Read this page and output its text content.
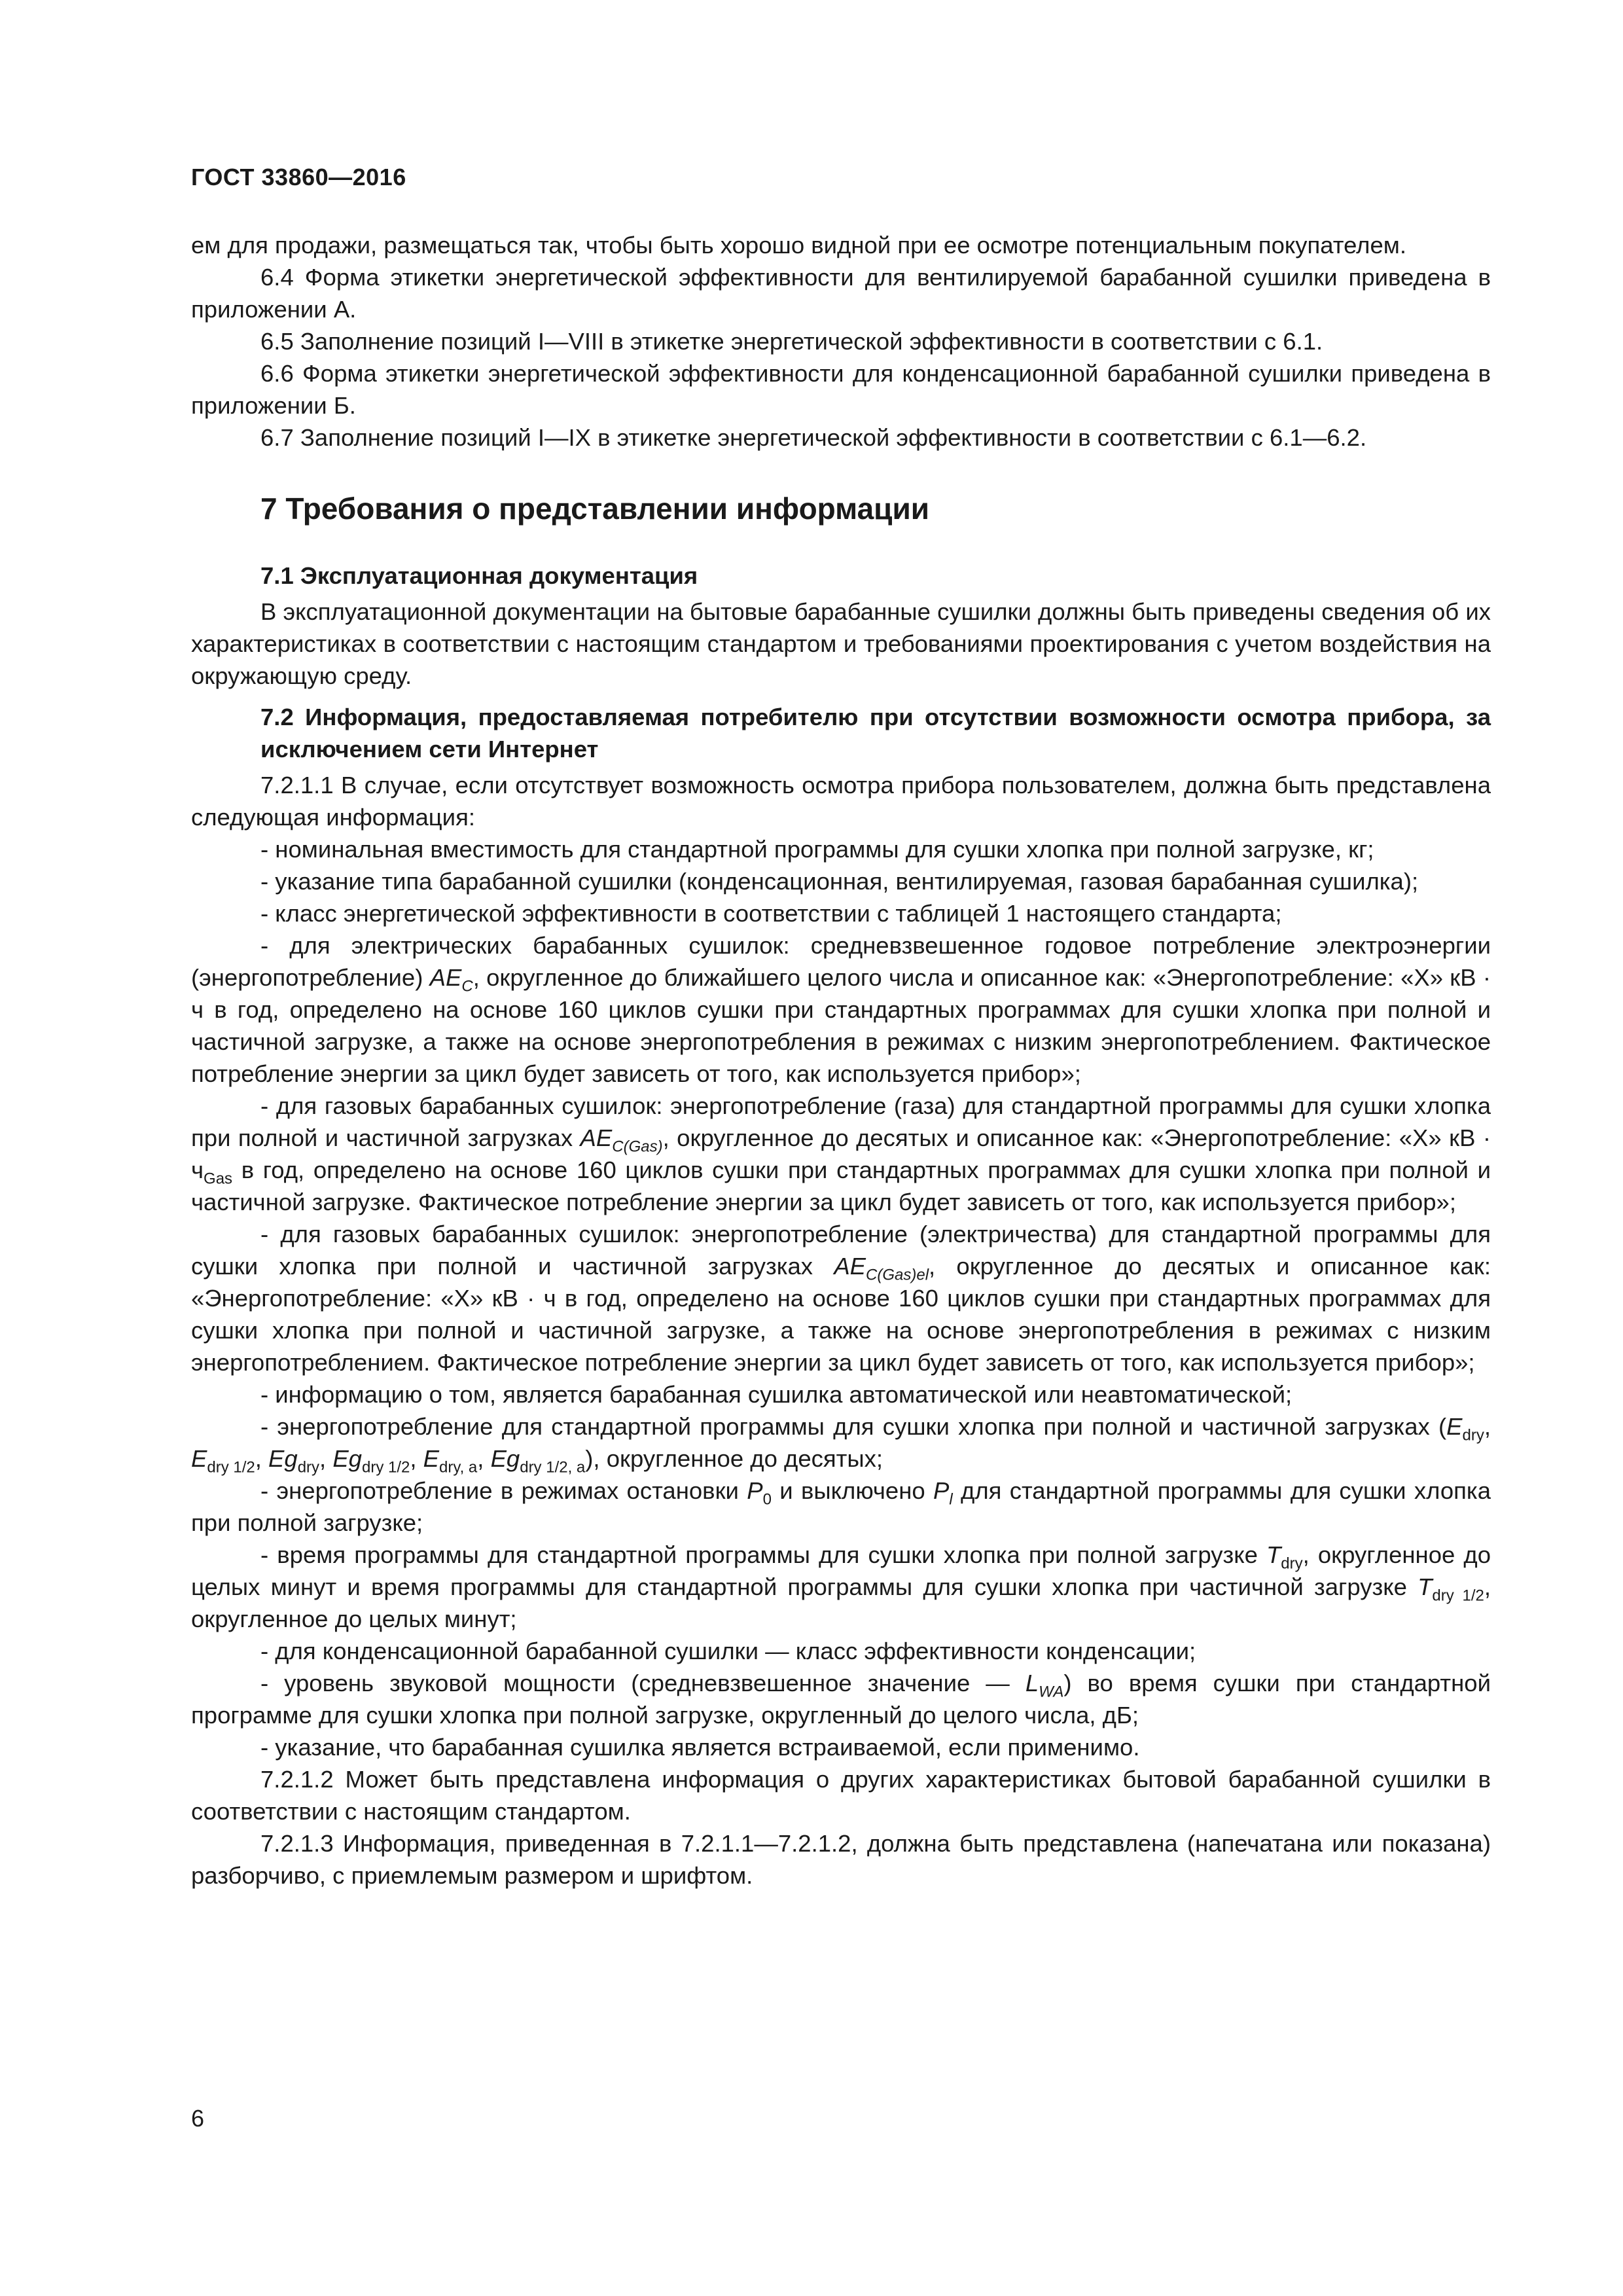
ГОСТ 33860—2016

ем для продажи, размещаться так, чтобы быть хорошо видной при ее осмотре потенциальным покупателем.

6.4 Форма этикетки энергетической эффективности для вентилируемой барабанной сушилки приведена в приложении А.

6.5 Заполнение позиций I—VIII в этикетке энергетической эффективности в соответствии с 6.1.

6.6 Форма этикетки энергетической эффективности для конденсационной барабанной сушилки приведена в приложении Б.

6.7 Заполнение позиций I—IX в этикетке энергетической эффективности в соответствии с 6.1—6.2.

7 Требования о представлении информации
7.1 Эксплуатационная документация

В эксплуатационной документации на бытовые барабанные сушилки должны быть приведены сведения об их характеристиках в соответствии с настоящим стандартом и требованиями проектирования с учетом воздействия на окружающую среду.

7.2 Информация, предоставляемая потребителю при отсутствии возможности осмотра прибора, за исключением сети Интернет

7.2.1.1 В случае, если отсутствует возможность осмотра прибора пользователем, должна быть представлена следующая информация:

- номинальная вместимость для стандартной программы для сушки хлопка при полной загрузке, кг;

- указание типа барабанной сушилки (конденсационная, вентилируемая, газовая барабанная сушилка);

- класс энергетической эффективности в соответствии с таблицей 1 настоящего стандарта;

- для электрических барабанных сушилок: средневзвешенное годовое потребление электроэнергии (энергопотребление) $AE_C$, округленное до ближайшего целого числа и описанное как: «Энергопотребление: «X» кВ · ч в год, определено на основе 160 циклов сушки при стандартных программах для сушки хлопка при полной и частичной загрузке, а также на основе энергопотребления в режимах с низким энергопотреблением. Фактическое потребление энергии за цикл будет зависеть от того, как используется прибор»;

- для газовых барабанных сушилок: энергопотребление (газа) для стандартной программы для сушки хлопка при полной и частичной загрузках $AE_{C(Gas)}$, округленное до десятых и описанное как: «Энергопотребление: «X» кВ · $ч_{Gas}$ в год, определено на основе 160 циклов сушки при стандартных программах для сушки хлопка при полной и частичной загрузке. Фактическое потребление энергии за цикл будет зависеть от того, как используется прибор»;

- для газовых барабанных сушилок: энергопотребление (электричества) для стандартной программы для сушки хлопка при полной и частичной загрузках $AE_{C(Gas)el}$, округленное до десятых и описанное как: «Энергопотребление: «X» кВ · ч в год, определено на основе 160 циклов сушки при стандартных программах для сушки хлопка при полной и частичной загрузке, а также на основе энергопотребления в режимах с низким энергопотреблением. Фактическое потребление энергии за цикл будет зависеть от того, как используется прибор»;

- информацию о том, является барабанная сушилка автоматической или неавтоматической;

- энергопотребление для стандартной программы для сушки хлопка при полной и частичной загрузках ($E_{dry}$, $E_{dry 1/2}$, $Eg_{dry}$, $Eg_{dry 1/2}$, $E_{dry, a}$, $Eg_{dry 1/2, a}$), округленное до десятых;

- энергопотребление в режимах остановки $P_0$ и выключено $P_l$ для стандартной программы для сушки хлопка при полной загрузке;

- время программы для стандартной программы для сушки хлопка при полной загрузке $T_{dry}$, округленное до целых минут и время программы для стандартной программы для сушки хлопка при частичной загрузке $T_{dry 1/2}$, округленное до целых минут;

- для конденсационной барабанной сушилки — класс эффективности конденсации;

- уровень звуковой мощности (средневзвешенное значение — $L_{WA}$) во время сушки при стандартной программе для сушки хлопка при полной загрузке, округленный до целого числа, дБ;

- указание, что барабанная сушилка является встраиваемой, если применимо.

7.2.1.2 Может быть представлена информация о других характеристиках бытовой барабанной сушилки в соответствии с настоящим стандартом.

7.2.1.3 Информация, приведенная в 7.2.1.1—7.2.1.2, должна быть представлена (напечатана или показана) разборчиво, с приемлемым размером и шрифтом.

6
